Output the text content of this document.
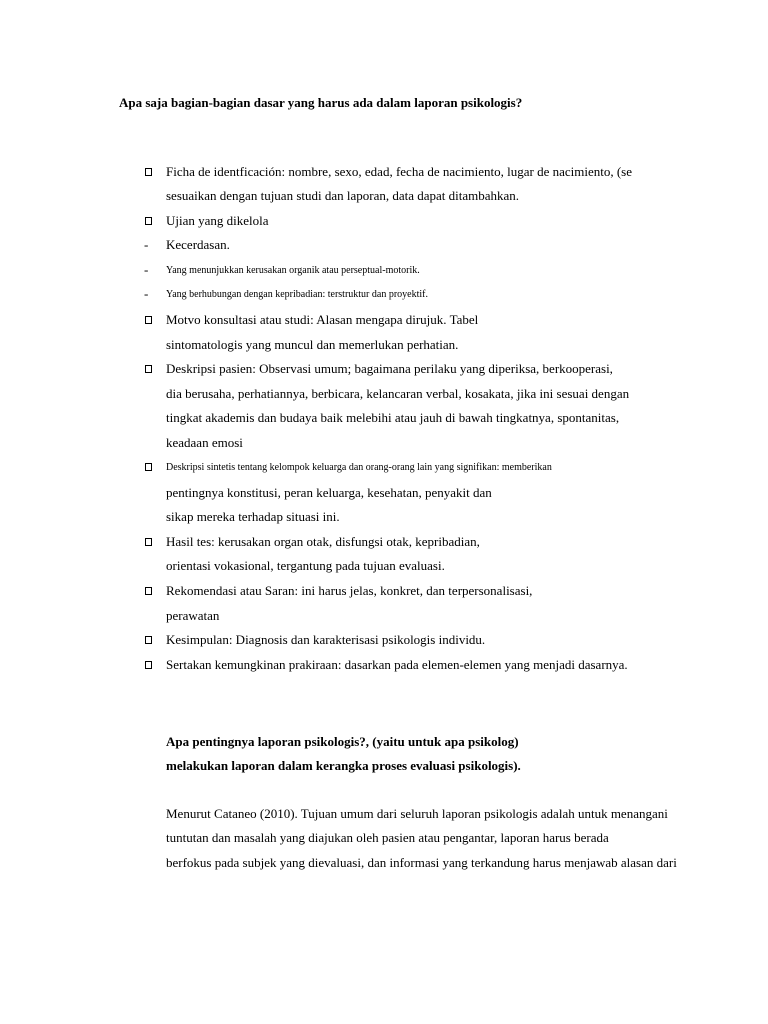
Apa saja bagian-bagian dasar yang harus ada dalam laporan psikologis?
Ficha de identficación: nombre, sexo, edad, fecha de nacimiento, lugar de nacimiento, (se
sesuaikan dengan tujuan studi dan laporan, data dapat ditambahkan.
Ujian yang dikelola
- Kecerdasan.
- Yang menunjukkan kerusakan organik atau perseptual-motorik.
- Yang berhubungan dengan kepribadian: terstruktur dan proyektif.
Motvo konsultasi atau studi: Alasan mengapa dirujuk. Tabel
sintomatologis yang muncul dan memerlukan perhatian.
Deskripsi pasien: Observasi umum; bagaimana perilaku yang diperiksa, berkooperasi,
dia berusaha, perhatiannya, berbicara, kelancaran verbal, kosakata, jika ini sesuai dengan
tingkat akademis dan budaya baik melebihi atau jauh di bawah tingkatnya, spontanitas,
keadaan emosi
Deskripsi sintetis tentang kelompok keluarga dan orang-orang lain yang signifikan: memberikan
pentingnya konstitusi, peran keluarga, kesehatan, penyakit dan
sikap mereka terhadap situasi ini.
Hasil tes: kerusakan organ otak, disfungsi otak, kepribadian,
orientasi vokasional, tergantung pada tujuan evaluasi.
Rekomendasi atau Saran: ini harus jelas, konkret, dan terpersonalisasi,
perawatan
Kesimpulan: Diagnosis dan karakterisasi psikologis individu.
Sertakan kemungkinan prakiraan: dasarkan pada elemen-elemen yang menjadi dasarnya.
Apa pentingnya laporan psikologis?, (yaitu untuk apa psikolog)
melakukan laporan dalam kerangka proses evaluasi psikologis).
Menurut Cataneo (2010). Tujuan umum dari seluruh laporan psikologis adalah untuk menangani
tuntutan dan masalah yang diajukan oleh pasien atau pengantar, laporan harus berada
berfokus pada subjek yang dievaluasi, dan informasi yang terkandung harus menjawab alasan dari
